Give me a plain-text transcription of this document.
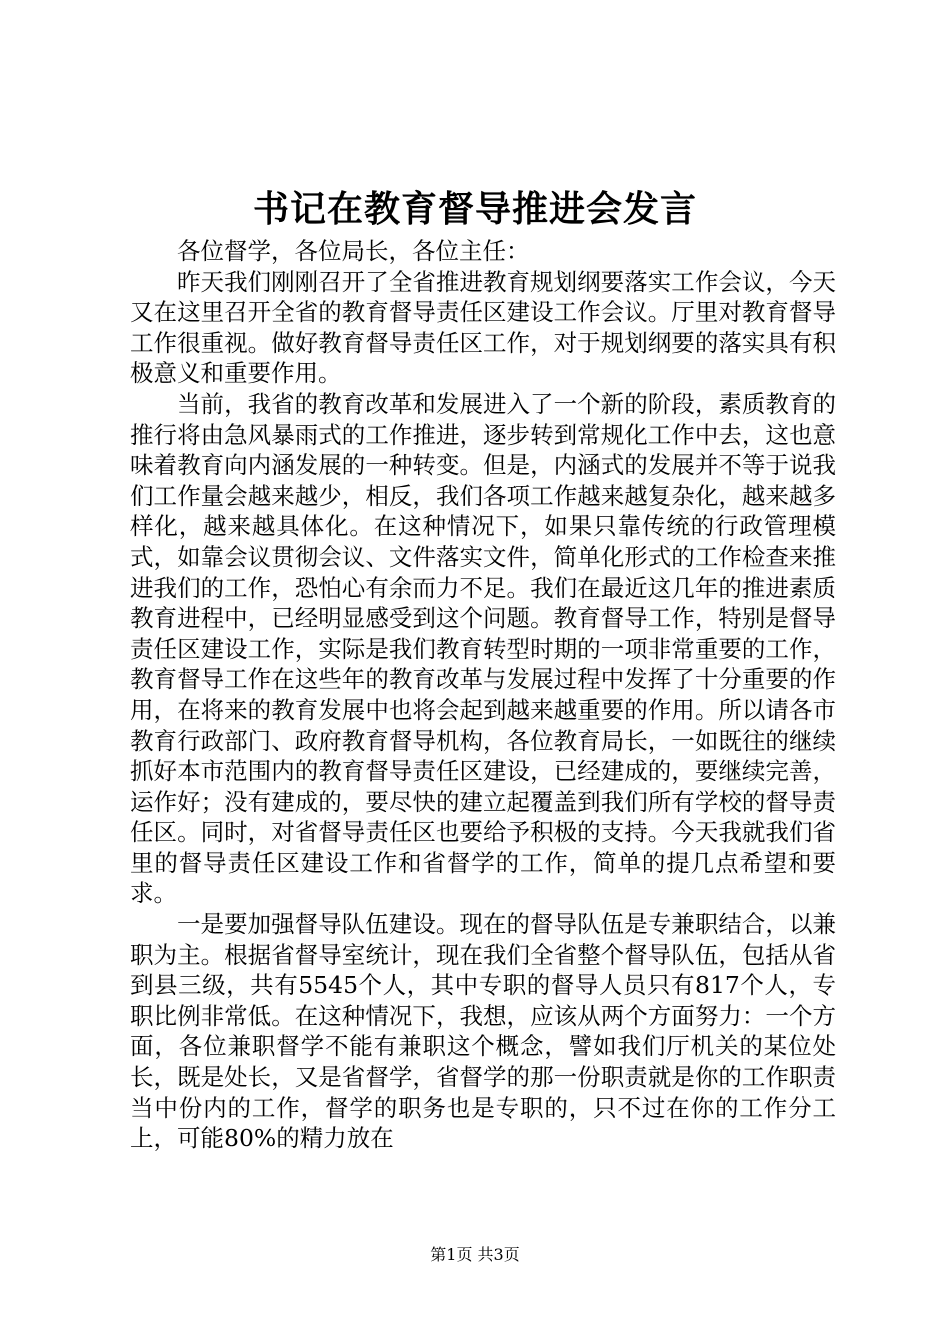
书记在教育督导推进会发言

各位督学，各位局长，各位主任：

昨天我们刚刚召开了全省推进教育规划纲要落实工作会议，今天又在这里召开全省的教育督导责任区建设工作会议。厅里对教育督导工作很重视。做好教育督导责任区工作，对于规划纲要的落实具有积极意义和重要作用。

当前，我省的教育改革和发展进入了一个新的阶段，素质教育的推行将由急风暴雨式的工作推进，逐步转到常规化工作中去，这也意味着教育向内涵发展的一种转变。但是，内涵式的发展并不等于说我们工作量会越来越少，相反，我们各项工作越来越复杂化，越来越多样化，越来越具体化。在这种情况下，如果只靠传统的行政管理模式，如靠会议贯彻会议、文件落实文件，简单化形式的工作检查来推进我们的工作，恐怕心有余而力不足。我们在最近这几年的推进素质教育进程中，已经明显感受到这个问题。教育督导工作，特别是督导责任区建设工作，实际是我们教育转型时期的一项非常重要的工作，教育督导工作在这些年的教育改革与发展过程中发挥了十分重要的作用，在将来的教育发展中也将会起到越来越重要的作用。所以请各市教育行政部门、政府教育督导机构，各位教育局长，一如既往的继续抓好本市范围内的教育督导责任区建设，已经建成的，要继续完善，运作好；没有建成的，要尽快的建立起覆盖到我们所有学校的督导责任区。同时，对省督导责任区也要给予积极的支持。今天我就我们省里的督导责任区建设工作和省督学的工作，简单的提几点希望和要求。

一是要加强督导队伍建设。现在的督导队伍是专兼职结合，以兼职为主。根据省督导室统计，现在我们全省整个督导队伍，包括从省到县三级，共有5545个人，其中专职的督导人员只有817个人，专职比例非常低。在这种情况下，我想，应该从两个方面努力：一个方面，各位兼职督学不能有兼职这个概念，譬如我们厅机关的某位处长，既是处长，又是省督学，省督学的那一份职责就是你的工作职责当中份内的工作，督学的职务也是专职的，只不过在你的工作分工上，可能80%的精力放在

第1页 共3页
